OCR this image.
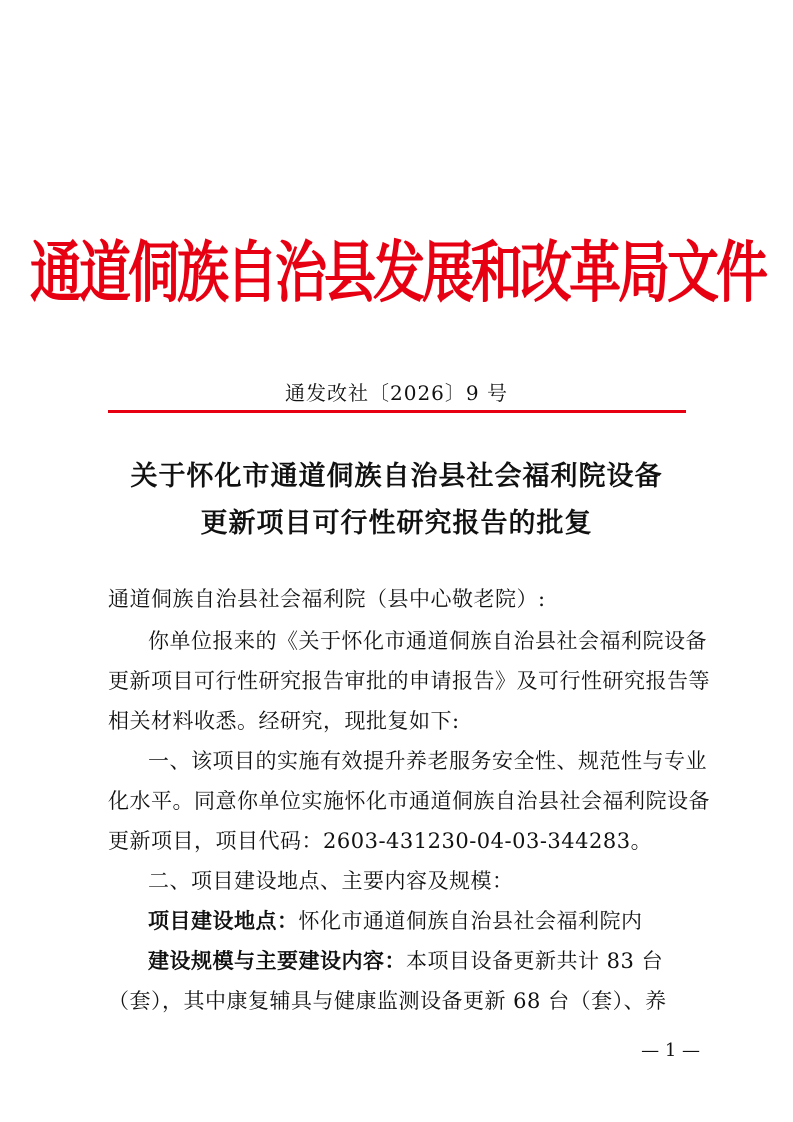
通道侗族自治县发展和改革局文件
通发改社〔2026〕9 号
关于怀化市通道侗族自治县社会福利院设备
更新项目可行性研究报告的批复
通道侗族自治县社会福利院（县中心敬老院）:
你单位报来的《关于怀化市通道侗族自治县社会福利院设备
更新项目可行性研究报告审批的申请报告》及可行性研究报告等
相关材料收悉。经研究，现批复如下:
一、该项目的实施有效提升养老服务安全性、规范性与专业
化水平。同意你单位实施怀化市通道侗族自治县社会福利院设备
更新项目，项目代码：2603-431230-04-03-344283。
二、项目建设地点、主要内容及规模：
项目建设地点：怀化市通道侗族自治县社会福利院内
建设规模与主要建设内容：本项目设备更新共计 83 台
（套），其中康复辅具与健康监测设备更新 68 台（套）、养
— 1 —
